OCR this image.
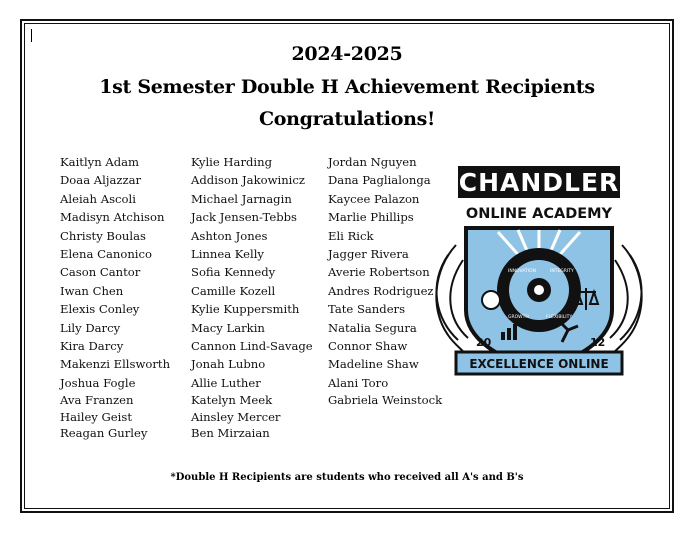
2024-2025
1st Semester Double H Achievement Recipients
Congratulations!
Kaitlyn Adam
Doaa Aljazzar
Aleiah Ascoli
Madisyn Atchison
Christy Boulas
Elena Canonico
Cason Cantor
Iwan Chen
Elexis Conley
Lily Darcy
Kira Darcy
Makenzi Ellsworth
Joshua Fogle
Ava Franzen
Hailey Geist
Reagan Gurley
Kylie Harding
Addison Jakowinicz
Michael Jarnagin
Jack Jensen-Tebbs
Ashton Jones
Linnea Kelly
Sofia Kennedy
Camille Kozell
Kylie Kuppersmith
Macy Larkin
Cannon Lind-Savage
Jonah Lubno
Allie Luther
Katelyn Meek
Ainsley Mercer
Ben Mirzaian
Jordan Nguyen
Dana Paglialonga
Kaycee Palazon
Marlie Phillips
Eli Rick
Jagger Rivera
Averie Robertson
Andres Rodriguez
Tate Sanders
Natalia Segura
Connor Shaw
Madeline Shaw
Alani Toro
Gabriela Weinstock
CHANDLER
ONLINE ACADEMY
EXCELLENCE ONLINE
20	12
INNOVATION	INTEGRITY
GROWTH	FLEXIBILITY
*Double H Recipients are students who received all A's and B's
